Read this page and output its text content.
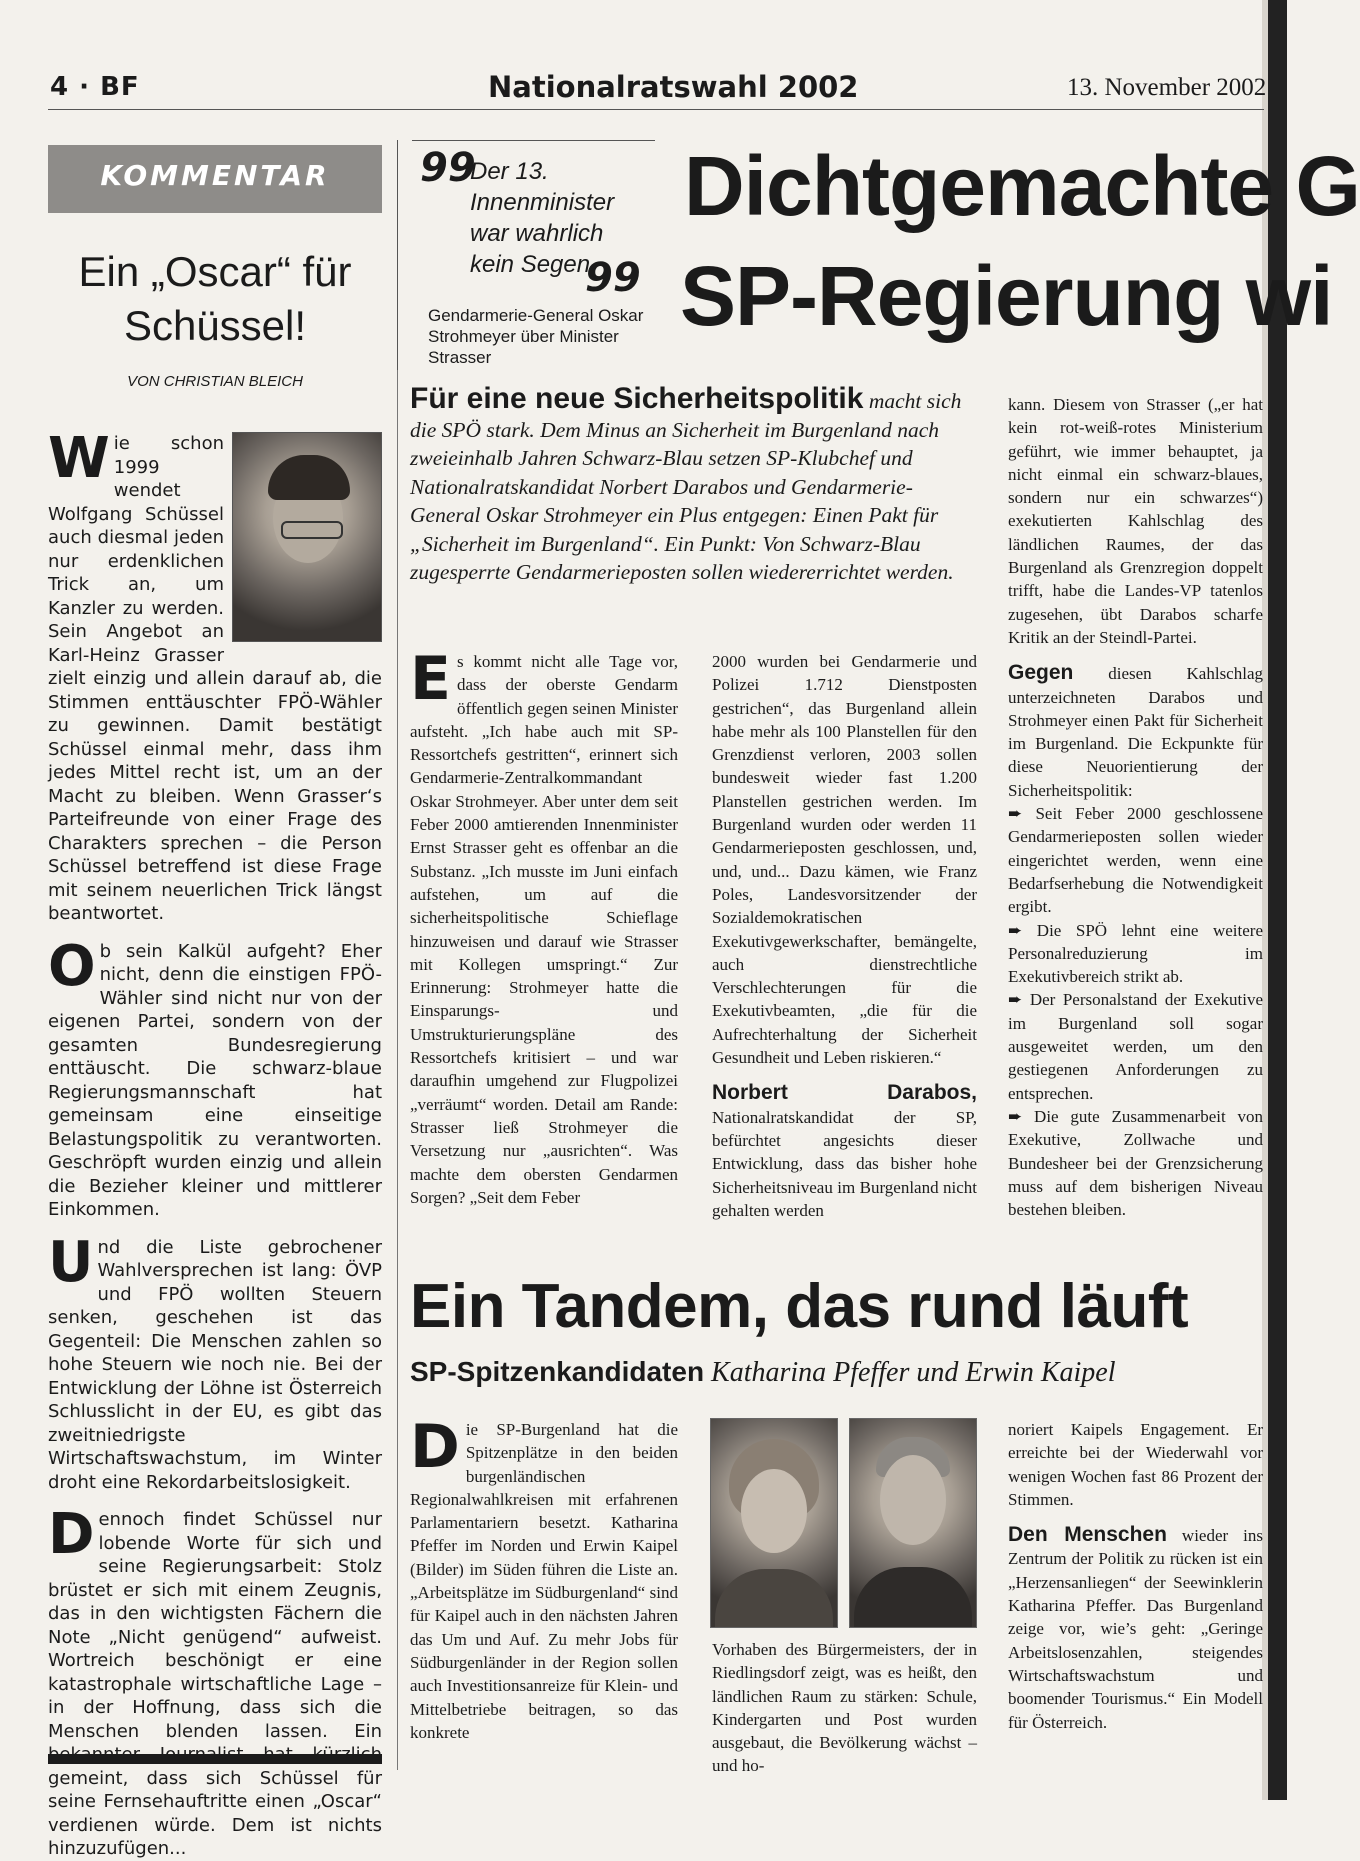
4 · BF	Nationalratswahl 2002	13. November 2002
KOMMENTAR
Ein „Oscar“ für Schüssel!
VON CHRISTIAN BLEICH
W ie schon 1999 wendet Wolfgang Schüssel auch diesmal jeden nur erdenklichen Trick an, um Kanzler zu werden. Sein Angebot an Karl-Heinz Grasser zielt einzig und allein darauf ab, die Stimmen enttäuschter FPÖ-Wähler zu gewinnen. Damit bestätigt Schüssel einmal mehr, dass ihm jedes Mittel recht ist, um an der Macht zu bleiben. Wenn Grasser‘s Parteifreunde von einer Frage des Charakters sprechen – die Person Schüssel betreffend ist diese Frage mit seinem neuerlichen Trick längst beantwortet.

Ob sein Kalkül aufgeht? Eher nicht, denn die einstigen FPÖ-Wähler sind nicht nur von der eigenen Partei, sondern von der gesamten Bundesregierung enttäuscht. Die schwarz-blaue Regierungsmannschaft hat gemeinsam eine einseitige Belastungspolitik zu verantworten. Geschröpft wurden einzig und allein die Bezieher kleiner und mittlerer Einkommen.

Und die Liste gebrochener Wahlversprechen ist lang: ÖVP und FPÖ wollten Steuern senken, geschehen ist das Gegenteil: Die Menschen zahlen so hohe Steuern wie noch nie. Bei der Entwicklung der Löhne ist Österreich Schlusslicht in der EU, es gibt das zweitniedrigste Wirtschaftswachstum, im Winter droht eine Rekordarbeitslosigkeit.

Dennoch findet Schüssel nur lobende Worte für sich und seine Regierungsarbeit: Stolz brüstet er sich mit einem Zeugnis, das in den wichtigsten Fächern die Note „Nicht genügend“ aufweist. Wortreich beschönigt er eine katastrophale wirtschaftliche Lage – in der Hoffnung, dass sich die Menschen blenden lassen. Ein gemeint, dass sich Schüssel für seine Fernsehauftritte einen „Oscar“ verdienen würde. Dem ist nichts hinzuzufügen...

99
Der 13. Innenminister war wahrlich kein Segen.
99
Gendarmerie-General Oskar Strohmeyer über Minister Strasser
Dichtgemachte G
SP-Regierung wi
Für eine neue Sicherheitspolitik macht sich die SPÖ stark. Dem Minus an Sicherheit im Burgenland nach zweieinhalb Jahren Schwarz-Blau setzen SP-Klubchef und Nationalratskandidat Norbert Darabos und Gendarmerie-General Oskar Strohmeyer ein Plus entgegen: Einen Pakt für „Sicherheit im Burgenland“. Ein Punkt: Von Schwarz-Blau zugesperrte Gendarmerieposten sollen wiedererrichtet werden.
Es kommt nicht alle Tage vor, dass der oberste Gendarm öffentlich gegen seinen Minister aufsteht. „Ich habe auch mit SP-Ressortchefs gestritten“, erinnert sich Gendarmerie-Zentralkommandant Oskar Strohmeyer. Aber unter dem seit Feber 2000 amtierenden Innenminister Ernst Strasser geht es offenbar an die Substanz. „Ich musste im Juni einfach aufstehen, um auf die sicherheitspolitische Schieflage hinzuweisen und darauf wie Strasser mit Kollegen umspringt.“ Zur Erinnerung: Strohmeyer hatte die Einsparungs- und Umstrukturierungspläne des Ressortchefs kritisiert – und war daraufhin umgehend zur Flugpolizei „verräumt“ worden. Detail am Rande: Strasser ließ Strohmeyer die Versetzung nur „ausrichten“. Was machte dem obersten Gendarmen Sorgen? „Seit dem Feber

2000 wurden bei Gendarmerie und Polizei 1.712 Dienstposten gestrichen“, das Burgenland allein habe mehr als 100 Planstellen für den Grenzdienst verloren, 2003 sollen bundesweit wieder fast 1.200 Planstellen gestrichen werden. Im Burgenland wurden oder werden 11 Gendarmerieposten geschlossen, und, und, und... Dazu kämen, wie Franz Poles, Landesvorsitzender der Sozialdemokratischen Exekutivgewerkschafter, bemängelte, auch dienstrechtliche Verschlechterungen für die Exekutivbeamten, „die für die Aufrechterhaltung der Sicherheit Gesundheit und Leben riskieren.“

Norbert Darabos, Nationalratskandidat der SP, befürchtet angesichts dieser Entwicklung, dass das bisher hohe Sicherheitsniveau im Burgenland nicht gehalten werden

kann. Diesem von Strasser („er hat kein rot-weiß-rotes Ministerium geführt, wie immer behauptet, ja nicht einmal ein schwarz-blaues, sondern nur ein schwarzes“) exekutierten Kahlschlag des ländlichen Raumes, der das Burgenland als Grenzregion doppelt trifft, habe die Landes-VP tatenlos zugesehen, übt Darabos scharfe Kritik an der Steindl-Partei.

Gegen diesen Kahlschlag unterzeichneten Darabos und Strohmeyer einen Pakt für Sicherheit im Burgenland. Die Eckpunkte für diese Neuorientierung der Sicherheitspolitik:

➨ Seit Feber 2000 geschlossene Gendarmerieposten sollen wieder eingerichtet werden, wenn eine Bedarfserhebung die Notwendigkeit ergibt.

➨ Die SPÖ lehnt eine weitere Personalreduzierung im Exekutivbereich strikt ab.

➨ Der Personalstand der Exekutive im Burgenland soll sogar ausgeweitet werden, um den gestiegenen Anforderungen zu entsprechen.

➨ Die gute Zusammenarbeit von Exekutive, Zollwache und Bundesheer bei der Grenzsicherung muss auf dem bisherigen Niveau bestehen bleiben.

Ein Tandem, das rund läuft
SP-Spitzenkandidaten Katharina Pfeffer und Erwin Kaipel
Die SP-Burgenland hat die Spitzenplätze in den beiden burgenländischen Regionalwahlkreisen mit erfahrenen Parlamentariern besetzt. Katharina Pfeffer im Norden und Erwin Kaipel (Bilder) im Süden führen die Liste an. „Arbeitsplätze im Südburgenland“ sind für Kaipel auch in den nächsten Jahren das Um und Auf. Zu mehr Jobs für Südburgenländer in der Region sollen auch Investitionsanreize für Klein- und Mittelbetriebe beitragen, so das konkrete
Vorhaben des Bürgermeisters, der in Riedlingsdorf zeigt, was es heißt, den ländlichen Raum zu stärken: Schule, Kindergarten und Post wurden ausgebaut, die Bevölkerung wächst – und ho-

noriert Kaipels Engagement. Er erreichte bei der Wiederwahl vor wenigen Wochen fast 86 Prozent der Stimmen.

Den Menschen wieder ins Zentrum der Politik zu rücken ist ein „Herzensanliegen“ der Seewinklerin Katharina Pfeffer. Das Burgenland zeige vor, wie’s geht: „Geringe Arbeitslosenzahlen, steigendes Wirtschaftswachstum und boomender Tourismus.“ Ein Modell für Österreich.
